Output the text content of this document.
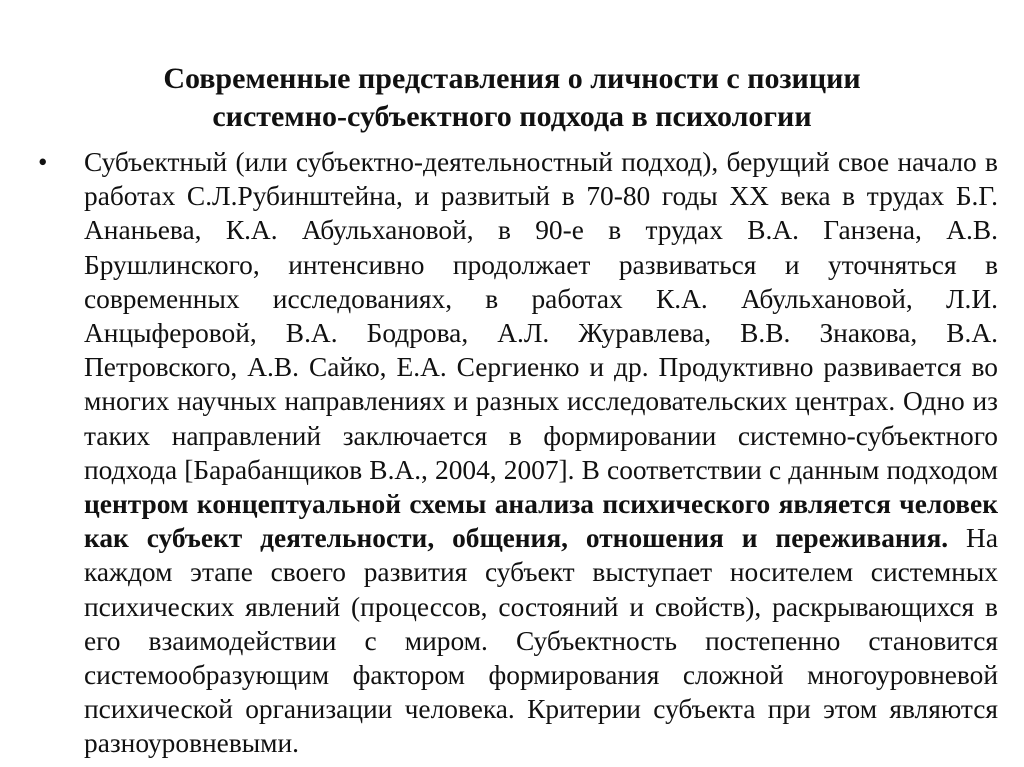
Современные представления о личности с позиции
системно-субъектного подхода в психологии
• Субъектный (или субъектно-деятельностный подход), берущий свое начало в работах С.Л.Рубинштейна, и развитый в 70-80 годы XX века в трудах Б.Г. Ананьева, К.А. Абульхановой, в 90-е в трудах В.А. Ганзена, А.В. Брушлинского, интенсивно продолжает развиваться и уточняться в современных исследованиях, в работах К.А. Абульхановой, Л.И. Анцыферовой, В.А. Бодрова, А.Л. Журавлева, В.В. Знакова, В.А. Петровского, А.В. Сайко, Е.А. Сергиенко и др. Продуктивно развивается во многих научных направлениях и разных исследовательских центрах. Одно из таких направлений заключается в формировании системно-субъектного подхода [Барабанщиков В.А., 2004, 2007]. В соответствии с данным подходом центром концептуальной схемы анализа психического является человек как субъект деятельности, общения, отношения и переживания. На каждом этапе своего развития субъект выступает носителем системных психических явлений (процессов, состояний и свойств), раскрывающихся в его взаимодействии с миром. Субъектность постепенно становится системообразующим фактором формирования сложной многоуровневой психической организации человека. Критерии субъекта при этом являются разноуровневыми.
